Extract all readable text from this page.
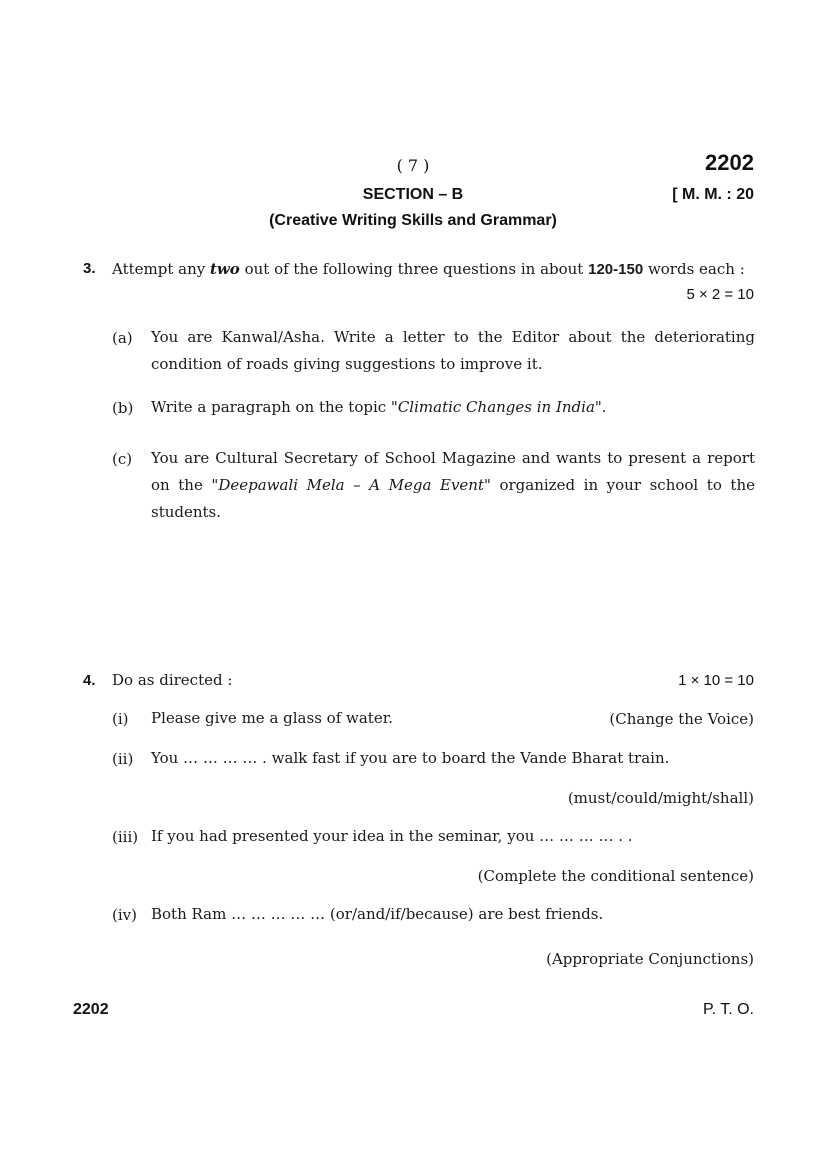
( 7 )	2202
SECTION – B	[ M. M. : 20
(Creative Writing Skills and Grammar)
3. Attempt any two out of the following three questions in about 120-150 words each :
5 × 2 = 10
(a) You are Kanwal/Asha. Write a letter to the Editor about the deteriorating condition of roads giving suggestions to improve it.
(b) Write a paragraph on the topic "Climatic Changes in India".
(c) You are Cultural Secretary of School Magazine and wants to present a report on the "Deepawali Mela – A Mega Event" organized in your school to the students.
4. Do as directed :	1 × 10 = 10
(i) Please give me a glass of water.	(Change the Voice)
(ii) You … … … … . walk fast if you are to board the Vande Bharat train.
(must/could/might/shall)
(iii) If you had presented your idea in the seminar, you … … … … . .
(Complete the conditional sentence)
(iv) Both Ram … … … … … (or/and/if/because) are best friends.
(Appropriate Conjunctions)
2202	P. T. O.
